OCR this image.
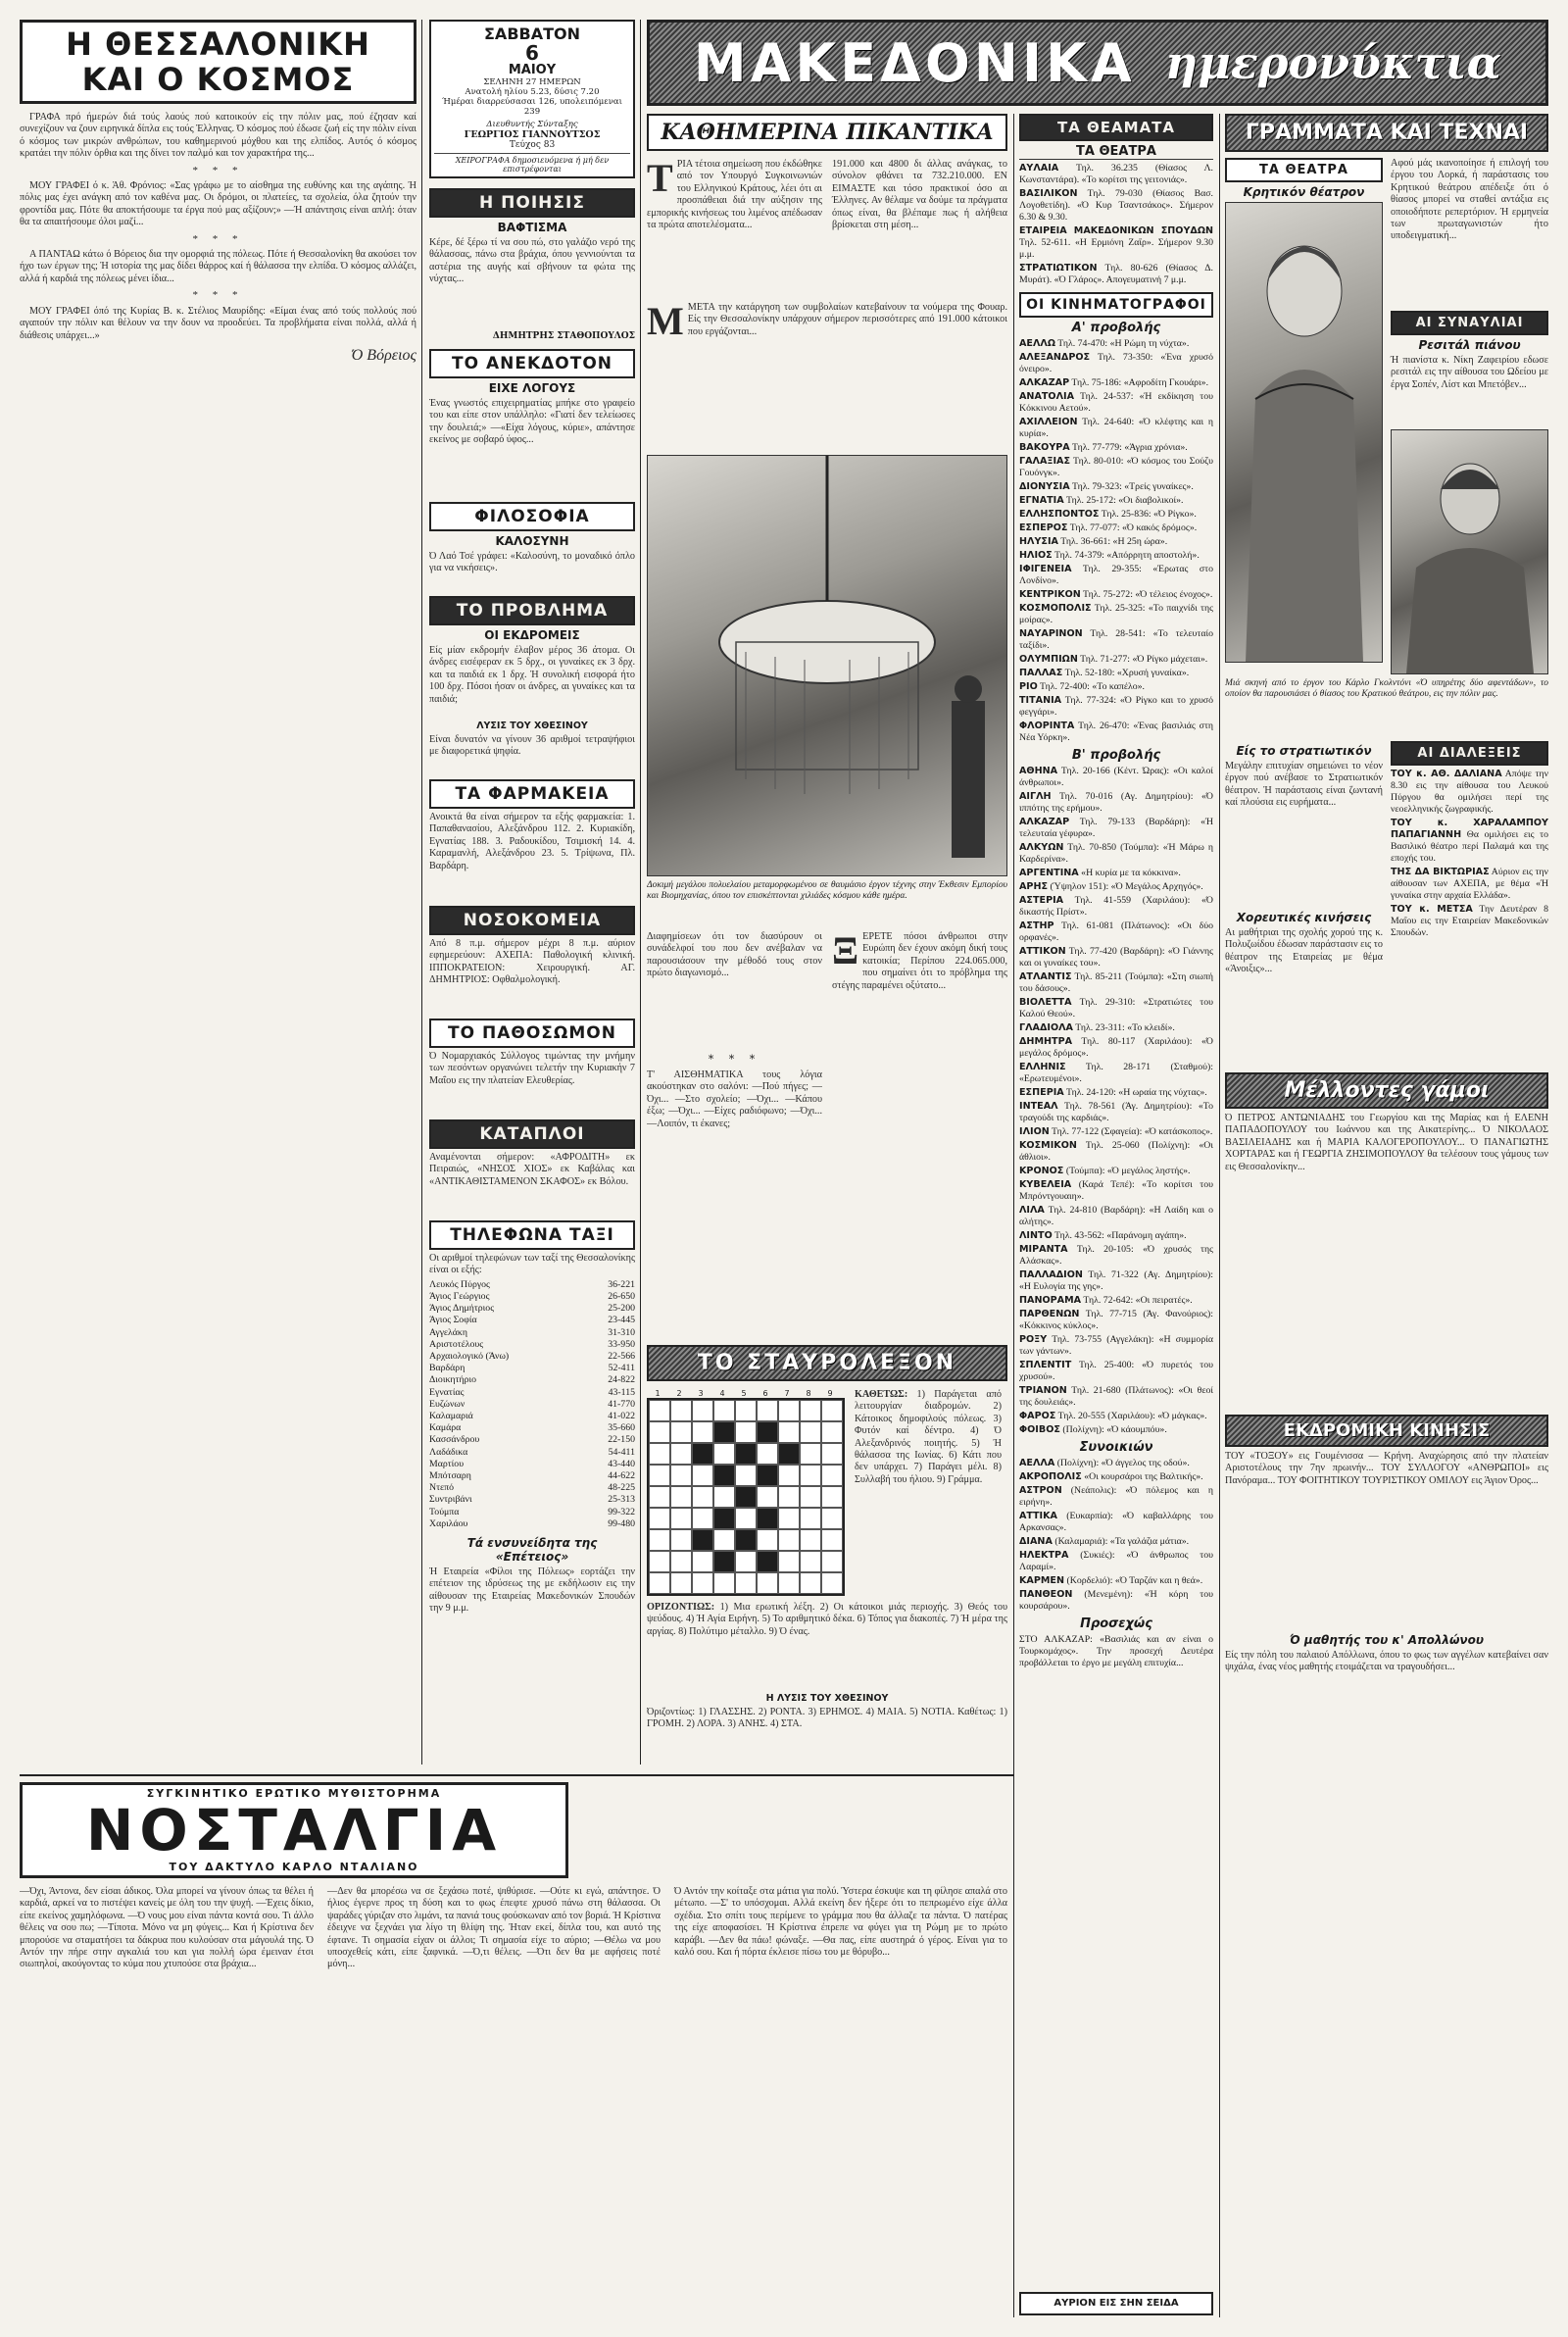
Η ΘΕΣΣΑΛΟΝΙΚΗ
ΚΑΙ Ο ΚΟΣΜΟΣ

ΓΡΑΦΑ πρό ήμερών διά τούς λαούς πού κατοικούν είς την πόλιν μας, πού έζησαν καί συνεχίζουν να ζουν ειρηνικά δίπλα εις τούς Έλληνας. Ό κόσμος πού έδωσε ζωή είς την πόλιν είναι ό κόσμος των μικρών ανθρώπων, του καθημερινού μόχθου και της ελπίδος. Αυτός ό κόσμος κρατάει την πόλιν όρθια και της δίνει τον παλμό και τον χαρακτήρα της...

* * *

ΜΟΥ ΓΡΑΦΕΙ ό κ. Άθ. Φρόνιος: «Σας γράφω με το αίσθημα της ευθύνης και της αγάπης. Ή πόλις μας έχει ανάγκη από τον καθένα μας. Οι δρόμοι, οι πλατείες, τα σχολεία, όλα ζητούν την φροντίδα μας. Πότε θα αποκτήσουμε τα έργα πού μας αξίζουν;» —Ή απάντησις είναι απλή: όταν θα τα απαιτήσουμε όλοι μαζί...

* * *

Α ΠΑΝΤΑΩ κάτω ό Βόρειος δια την ομορφιά της πόλεως. Πότε ή Θεσσαλονίκη θα ακούσει τον ήχο των έργων της; Ή ιστορία της μας δίδει θάρρος καί ή θάλασσα την ελπίδα. Ό κόσμος αλλάζει, αλλά ή καρδιά της πόλεως μένει ίδια...

* * *

ΜΟΥ ΓΡΑΦΕΙ όπό της Κυρίας Β. κ. Στέλιος Μαυρίδης: «Είμαι ένας από τούς πολλούς πού αγαπούν την πόλιν και θέλουν να την δουν να προοδεύει. Τα προβλήματα είναι πολλά, αλλά ή διάθεσις υπάρχει...»

Ό Βόρειος
ΣΑΒΒΑΤΟΝ
6
ΜΑΙΟΥ
ΣΕΛΗΝΗ 27 ΗΜΕΡΩΝ
Ανατολή ηλίου 5.23, δύσις 7.20
Ήμέραι διαρρεύσασαι 126, υπολειπόμεναι 239
Διευθυντής Σύνταξης
ΓΕΩΡΓΙΟΣ ΓΙΑΝΝΟΥΤΣΟΣ
Τεύχος 83
ΧΕΙΡΟΓΡΑΦΑ δημοσιευόμενα ή μή δεν επιστρέφονται
Η ΠΟΙΗΣΙΣ
ΒΑΦΤΙΣΜΑ
Κέρε, δέ ξέρω τί να σου πώ, στο γαλάζιο νερό της θάλασσας, πάνω στα βράχια, όπου γεννιούνται τα αστέρια της αυγής καί σβήνουν τα φώτα της νύχτας...
ΔΗΜΗΤΡΗΣ ΣΤΑΘΟΠΟΥΛΟΣ
ΤΟ ΑΝΕΚΔΟΤΟΝ
ΕΙΧΕ ΛΟΓΟΥΣ
Ένας γνωστός επιχειρηματίας μπήκε στο γραφείο του και είπε στον υπάλληλο: «Γιατί δεν τελείωσες την δουλειά;» —«Είχα λόγους, κύριε», απάντησε εκείνος με σοβαρό ύφος...
ΦΙΛΟΣΟΦΙΑ
ΚΑΛΟΣΥΝΗ
Ό Λαό Τσέ γράφει: «Καλοσύνη, το μοναδικό όπλο για να νικήσεις».
ΤΟ ΠΡΟΒΛΗΜΑ
ΟΙ ΕΚΔΡΟΜΕΙΣ
Είς μίαν εκδρομήν έλαβον μέρος 36 άτομα. Οι άνδρες εισέφεραν εκ 5 δρχ., οι γυναίκες εκ 3 δρχ. και τα παιδιά εκ 1 δρχ. Ή συνολική εισφορά ήτο 100 δρχ. Πόσοι ήσαν οι άνδρες, αι γυναίκες και τα παιδιά;
ΛΥΣΙΣ ΤΟΥ ΧΘΕΣΙΝΟΥ
Είναι δυνατόν να γίνουν 36 αριθμοί τετραψήφιοι με διαφορετικά ψηφία.
ΤΑ ΦΑΡΜΑΚΕΙΑ
Ανοικτά θα είναι σήμερον τα εξής φαρμακεία: 1. Παπαθανασίου, Αλεξάνδρου 112. 2. Κυριακίδη, Εγνατίας 188. 3. Ραδουκίδου, Τσιμισκή 14. 4. Καραμανλή, Αλεξάνδρου 23. 5. Τρίψωνα, Πλ. Βαρδάρη.
ΝΟΣΟΚΟΜΕΙΑ
Από 8 π.μ. σήμερον μέχρι 8 π.μ. αύριον εφημερεύουν: ΑΧΕΠΑ: Παθολογική κλινική. ΙΠΠΟΚΡΑΤΕΙΟΝ: Χειρουργική. ΑΓ. ΔΗΜΗΤΡΙΟΣ: Οφθαλμολογική.
ΤΟ ΠΑΘΟΣΩΜΟΝ
Ό Νομαρχιακός Σύλλογος τιμώντας την μνήμην των πεσόντων οργανώνει τελετήν την Κυριακήν 7 Μαΐου εις την πλατείαν Ελευθερίας.
ΚΑΤΑΠΛΟΙ
Αναμένονται σήμερον: «ΑΦΡΟΔΙΤΗ» εκ Πειραιώς, «ΝΗΣΟΣ ΧΙΟΣ» εκ Καβάλας και «ΑΝΤΙΚΑΘΙΣΤΑΜΕΝΟΝ ΣΚΑΦΟΣ» εκ Βόλου.
ΤΗΛΕΦΩΝΑ ΤΑΞΙ
Οι αριθμοί τηλεφώνων των ταξί της Θεσσαλονίκης είναι οι εξής:
Λευκός Πύργος	36-221
Άγιος Γεώργιος	26-650
Άγιος Δημήτριος	25-200
Άγιος Σοφία	23-445
Αγγελάκη	31-310
Αριστοτέλους	33-950
Αρχαιολογικό (Άνω)	22-566
Βαρδάρη	52-411
Διοικητήριο	24-822
Εγνατίας	43-115
Ευζώνων	41-770
Καλαμαριά	41-022
Καμάρα	35-660
Κασσάνδρου	22-150
Λαδάδικα	54-411
Μαρτίου	43-440
Μπότσαρη	44-622
Ντεπό	48-225
Συντριβάνι	25-313
Τούμπα	99-322
Χαριλάου	99-480
Τά ενσυνείδητα της «Επέτειος»
Ή Εταιρεία «Φίλοι της Πόλεως» εορτάζει την επέτειον της ιδρύσεως της με εκδήλωσιν εις την αίθουσαν της Εταιρείας Μακεδονικών Σπουδών την 9 μ.μ.
ΜΑΚΕΔΟΝΙΚΑ ημερονύκτια
ΚΑΘΗΜΕΡΙΝΑ ΠΙΚΑΝΤΙΚΑ
ΤΡΙΑ τέτοια σημείωση που έκδώθηκε από τον Υπουργό Συγκοινωνιών του Ελληνικού Κράτους, λέει ότι αι προσπάθειαι διά την αύξησιν της εμπορικής κινήσεως του λιμένος απέδωσαν τα πρώτα αποτελέσματα...
191.000 και 4800 δι άλλας ανάγκας, το σύνολον φθάνει τα 732.210.000. ΕΝ ΕΙΜΑΣΤΕ και τόσο πρακτικοί όσο αι Έλληνες. Αν θέλαμε να δούμε τα πράγματα όπως είναι, θα βλέπαμε πως ή αλήθεια βρίσκεται στη μέση...
ΜΜΕΤΑ την κατάργηση των συμβολαίων κατεβαίνουν τα νούμερα της Φουαρ. Είς την Θεσσαλονίκην υπάρχουν σήμερον περισσότερες από 191.000 κάτοικοι που εργάζονται...
Δοκιμή μεγάλου πολυελαίου μεταμορφωμένου σε θαυμάσιο έργον τέχνης στην Έκθεσιν Εμπορίου και Βιομηχανίας, όπου τον επισκέπτονται χιλιάδες κόσμου κάθε ημέρα.
Διαφημίσεων ότι τον διασύρουν οι συνάδελφοί του που δεν ανέβαλαν να παρουσιάσουν την μέθοδό τους στον πρώτο διαγωνισμό...
* * *
Τ' ΑΙΣΘΗΜΑΤΙΚΑ τους λόγια ακούστηκαν στο σαλόνι: —Πού πήγες; —Όχι... —Στο σχολείο; —Όχι... —Κάπου έξω; —Όχι... —Είχες ραδιόφωνο; —Όχι... —Λοιπόν, τι έκανες;
ΞΕΡΕΤΕ πόσοι άνθρωποι στην Ευρώπη δεν έχουν ακόμη δική τους κατοικία; Περίπου 224.065.000, που σημαίνει ότι το πρόβλημα της στέγης παραμένει οξύτατο...
ΤΟ ΣΤΑΥΡΟΛΕΞΟΝ
1	2	3	4	5	6	7	8	9	ΚΑΘΕΤΩΣ: 1) Παράγεται από λειτουργίαν διαδρομών. 2) Κάτοικος δημοφιλούς πόλεως. 3) Φυτόν καί δέντρο. 4) Ό Αλεξανδρινός ποιητής. 5) Ή θάλασσα της Ιωνίας. 6) Κάτι που δεν υπάρχει. 7) Παράγει μέλι. 8) Συλλαβή του ήλιου. 9) Γράμμα.
ΟΡΙΖΟΝΤΙΩΣ: 1) Μια ερωτική λέξη. 2) Οι κάτοικοι μιάς περιοχής. 3) Θεός του ψεύδους. 4) Ή Αγία Ειρήνη. 5) Το αριθμητικό δέκα. 6) Τόπος για διακοπές. 7) Ή μέρα της αργίας. 8) Πολύτιμο μέταλλο. 9) Ό ένας.
Η ΛΥΣΙΣ ΤΟΥ ΧΘΕΣΙΝΟΥ
Όριζοντίως: 1) ΓΛΑΣΣΗΣ. 2) ΡΟΝΤΑ. 3) ΕΡΗΜΟΣ. 4) ΜΑΙΑ. 5) ΝΟΤΙΑ. Καθέτως: 1) ΓΡΟΜΗ. 2) ΛΟΡΑ. 3) ΑΝΗΣ. 4) ΣΤΑ.
ΤΑ ΘΕΑΜΑΤΑ
ΤΑ ΘΕΑΤΡΑ
ΑΥΛΑΙΑ Τηλ. 36.235 (Θίασος Λ. Κωνσταντάρα). «Το κορίτσι της γειτονιάς».
ΒΑΣΙΛΙΚΟΝ Τηλ. 79-030 (Θίασος Βασ. Λογοθετίδη). «Ό Κυρ Τσαντσάκος». Σήμερον 6.30 & 9.30.
ΕΤΑΙΡΕΙΑ ΜΑΚΕΔΟΝΙΚΩΝ ΣΠΟΥΔΩΝ Τηλ. 52-611. «Η Ερμιόνη Ζαΐρ». Σήμερον 9.30 μ.μ.
ΣΤΡΑΤΙΩΤΙΚΟΝ Τηλ. 80-626 (Θίασος Δ. Μυράτ). «Ό Γλάρος». Απογευματινή 7 μ.μ.
ΟΙ ΚΙΝΗΜΑΤΟΓΡΑΦΟΙ
Α' προβολής
ΑΕΛΛΩ Τηλ. 74-470: «Η Ρώμη τη νύχτα».
ΑΛΕΞΑΝΔΡΟΣ Τηλ. 73-350: «Ένα χρυσό όνειρο».
ΑΛΚΑΖΑΡ Τηλ. 75-186: «Αφροδίτη Γκουάρι».
ΑΝΑΤΟΛΙΑ Τηλ. 24-537: «Ή εκδίκηση του Κόκκινου Αετού».
ΑΧΙΛΛΕΙΟΝ Τηλ. 24-640: «Ό κλέφτης και η κυρία».
ΒΑΚΟΥΡΑ Τηλ. 77-779: «Άγρια χρόνια».
ΓΑΛΑΞΙΑΣ Τηλ. 80-010: «Ό κόσμος του Σούζυ Γουόνγκ».
ΔΙΟΝΥΣΙΑ Τηλ. 79-323: «Τρείς γυναίκες».
ΕΓΝΑΤΙΑ Τηλ. 25-172: «Οι διαβολικοί».
ΕΛΛΗΣΠΟΝΤΟΣ Τηλ. 25-836: «Ό Ρίγκο».
ΕΣΠΕΡΟΣ Τηλ. 77-077: «Ό κακός δρόμος».
ΗΛΥΣΙΑ Τηλ. 36-661: «Η 25η ώρα».
ΗΛΙΟΣ Τηλ. 74-379: «Απόρρητη αποστολή».
ΙΦΙΓΕΝΕΙΑ Τηλ. 29-355: «Έρωτας στο Λονδίνο».
ΚΕΝΤΡΙΚΟΝ Τηλ. 75-272: «Ό τέλειος ένοχος».
ΚΟΣΜΟΠΟΛΙΣ Τηλ. 25-325: «Το παιχνίδι της μοίρας».
ΝΑΥΑΡΙΝΟΝ Τηλ. 28-541: «Το τελευταίο ταξίδι».
ΟΛΥΜΠΙΩΝ Τηλ. 71-277: «Ό Ρίγκο μάχεται».
ΠΑΛΛΑΣ Τηλ. 52-180: «Χρυσή γυναίκα».
ΡΙΟ Τηλ. 72-400: «Το καπέλο».
ΤΙΤΑΝΙΑ Τηλ. 77-324: «Ό Ρίγκο και το χρυσό φεγγάρι».
ΦΛΟΡΙΝΤΑ Τηλ. 26-470: «Ένας βασιλιάς στη Νέα Υόρκη».
Β' προβολής
ΑΘΗΝΑ Τηλ. 20-166 (Κέντ. Ώρας): «Οι καλοί άνθρωποι».
ΑΙΓΛΗ Τηλ. 70-016 (Αγ. Δημητρίου): «Ό ιππότης της ερήμου».
ΑΛΚΑΖΑΡ Τηλ. 79-133 (Βαρδάρη): «Ή τελευταία γέφυρα».
ΑΛΚΥΩΝ Τηλ. 70-850 (Τούμπα): «Ή Μάρω η Καρδερίνα».
ΑΡΓΕΝΤΙΝΑ «Η κυρία με τα κόκκινα».
ΑΡΗΣ (Ύψηλον 151): «Ό Μεγάλος Αρχηγός».
ΑΣΤΕΡΙΑ Τηλ. 41-559 (Χαριλάου): «Ό δικαστής Πρίστ».
ΑΣΤΗΡ Τηλ. 61-081 (Πλάτωνος): «Οι δύο ορφανές».
ΑΤΤΙΚΟΝ Τηλ. 77-420 (Βαρδάρη): «Ό Γιάννης και οι γυναίκες του».
ΑΤΛΑΝΤΙΣ Τηλ. 85-211 (Τούμπα): «Στη σιωπή του δάσους».
ΒΙΟΛΕΤΤΑ Τηλ. 29-310: «Στρατιώτες του Καλού Θεού».
ΓΛΑΔΙΟΛΑ Τηλ. 23-311: «Το κλειδί».
ΔΗΜΗΤΡΑ Τηλ. 80-117 (Χαριλάου): «Ό μεγάλος δρόμος».
ΕΛΛΗΝΙΣ Τηλ. 28-171 (Σταθμού): «Ερωτευμένοι».
ΕΣΠΕΡΙΑ Τηλ. 24-120: «Η ωραία της νύχτας».
ΙΝΤΕΑΛ Τηλ. 78-561 (Άγ. Δημητρίου): «Το τραγούδι της καρδιάς».
ΙΛΙΟΝ Τηλ. 77-122 (Σφαγεία): «Ό κατάσκοπος».
ΚΟΣΜΙΚΟΝ Τηλ. 25-060 (Πολίχνη): «Οι άθλιοι».
ΚΡΟΝΟΣ (Τούμπα): «Ό μεγάλος ληστής».
ΚΥΒΕΛΕΙΑ (Καρά Τεπέ): «Το κορίτσι του Μπρόντγουαιη».
ΛΙΛΑ Τηλ. 24-810 (Βαρδάρη): «Η Λαίδη και ο αλήτης».
ΛΙΝΤΟ Τηλ. 43-562: «Παράνομη αγάπη».
ΜΙΡΑΝΤΑ Τηλ. 20-105: «Ό χρυσός της Αλάσκας».
ΠΑΛΛΑΔΙΟΝ Τηλ. 71-322 (Αγ. Δημητρίου): «Η Ευλογία της γης».
ΠΑΝΟΡΑΜΑ Τηλ. 72-642: «Οι πειρατές».
ΠΑΡΘΕΝΩΝ Τηλ. 77-715 (Άγ. Φανούριος): «Κόκκινος κύκλος».
ΡΟΞΥ Τηλ. 73-755 (Αγγελάκη): «Η συμμορία των γάντων».
ΣΠΛΕΝΤΙΤ Τηλ. 25-400: «Ό πυρετός του χρυσού».
ΤΡΙΑΝΟΝ Τηλ. 21-680 (Πλάτωνος): «Οι θεοί της δουλειάς».
ΦΑΡΟΣ Τηλ. 20-555 (Χαριλάου): «Ό μάγκας».
ΦΟΙΒΟΣ (Πολίχνη): «Ό κάουμπόυ».
Συνοικιών
ΑΕΛΛΑ (Πολίχνη): «Ό άγγελος της οδού».
ΑΚΡΟΠΟΛΙΣ «Οι κουρσάροι της Βαλτικής».
ΑΣΤΡΟΝ (Νεάπολις): «Ό πόλεμος και η ειρήνη».
ΑΤΤΙΚΑ (Ευκαρπία): «Ό καβαλλάρης του Αρκανσας».
ΔΙΑΝΑ (Καλαμαριά): «Τα γαλάζια μάτια».
ΗΛΕΚΤΡΑ (Συκιές): «Ό άνθρωπος του Λαραμί».
ΚΑΡΜΕΝ (Κορδελιό): «Ό Ταρζάν και η θεά».
ΠΑΝΘΕΟΝ (Μενεμένη): «Ή κόρη του κουρσάρου».
Προσεχώς
ΣΤΟ ΑΛΚΑΖΑΡ: «Βασιλιάς και αν είναι ο Τουρκομάχος». Την προσεχή Δευτέρα προβάλλεται το έργο με μεγάλη επιτυχία...
ΑΥΡΙΟΝ ΕΙΣ ΣΗΝ ΣΕΙΔΑ
ΓΡΑΜΜΑΤΑ ΚΑΙ ΤΕΧΝΑΙ
ΤΑ ΘΕΑΤΡΑ
Κρητικόν θέατρον
Αφού μάς ικανοποίησε ή επιλογή του έργου του Λορκά, ή παράστασις του Κρητικού θεάτρου απέδειξε ότι ό θίασος μπορεί να σταθεί αντάξια εις οποιοδήποτε ρεπερτόριον. Ή ερμηνεία των πρωταγωνιστών ήτο υποδειγματική...
ΑΙ ΣΥΝΑΥΛΙΑΙ
Ρεσιτάλ πιάνου
Ή πιανίστα κ. Νίκη Ζαφειρίου εδωσε ρεσιτάλ εις την αίθουσα του Ωδείου με έργα Σοπέν, Λίστ και Μπετόβεν...
Μιά σκηνή από το έργον του Κάρλο Γκολντόνι «Ό υπηρέτης δύο αφεντάδων», το οποίον θα παρουσιάσει ό θίασος του Κρατικού θεάτρου, εις την πόλιν μας.
Είς το στρατιωτικόν
Μεγάλην επιτυχίαν σημειώνει το νέον έργον πού ανέβασε το Στρατιωτικόν θέατρον. Ή παράστασις είναι ζωντανή καί πλούσια εις ευρήματα...
Χορευτικές κινήσεις
Αι μαθήτριαι της σχολής χορού της κ. Πολυζωίδου έδωσαν παράστασιν εις το θέατρον της Εταιρείας με θέμα «Άνοιξις»...
ΑΙ ΔΙΑΛΕΞΕΙΣ
ΤΟΥ κ. ΑΘ. ΔΑΛΙΑΝΑ Απόψε την 8.30 εις την αίθουσα του Λευκού Πύργου θα ομιλήσει περί της νεοελληνικής ζωγραφικής.
ΤΟΥ κ. ΧΑΡΑΛΑΜΠΟΥ ΠΑΠΑΓΙΑΝΝΗ Θα ομιλήσει εις το Βασιλικό θέατρο περί Παλαμά και της εποχής του.
ΤΗΣ ΔΑ ΒΙΚΤΩΡΙΑΣ Αύριον εις την αίθουσαν των ΑΧΕΠΑ, με θέμα «Ή γυναίκα στην αρχαία Ελλάδα».
ΤΟΥ κ. ΜΕΤΣΑ Την Δευτέραν 8 Μαΐου εις την Εταιρείαν Μακεδονικών Σπουδών.
Μέλλοντες γάμοι
Ό ΠΕΤΡΟΣ ΑΝΤΩΝΙΑΔΗΣ του Γεωργίου και της Μαρίας και ή ΕΛΕΝΗ ΠΑΠΑΔΟΠΟΥΛΟΥ του Ιωάννου και της Αικατερίνης... Ό ΝΙΚΟΛΑΟΣ ΒΑΣΙΛΕΙΑΔΗΣ και ή ΜΑΡΙΑ ΚΑΛΟΓΕΡΟΠΟΥΛΟΥ... Ό ΠΑΝΑΓΙΩΤΗΣ ΧΟΡΤΑΡΑΣ και ή ΓΕΩΡΓΙΑ ΖΗΣΙΜΟΠΟΥΛΟΥ θα τελέσουν τους γάμους των εις Θεσσαλονίκην...
ΕΚΔΡΟΜΙΚΗ ΚΙΝΗΣΙΣ
ΤΟΥ «ΤΟΞΟΥ» εις Γουμένισσα — Κρήνη. Αναχώρησις από την πλατείαν Αριστοτέλους την 7ην πρωινήν... ΤΟΥ ΣΥΛΛΟΓΟΥ «ΑΝΘΡΩΠΟΙ» εις Πανόραμα... ΤΟΥ ΦΟΙΤΗΤΙΚΟΥ ΤΟΥΡΙΣΤΙΚΟΥ ΟΜΙΛΟΥ εις Άγιον Όρος...
Ό μαθητής του κ' Απολλώνου
Είς την πόλη του παλαιού Απόλλωνα, όπου το φως των αγγέλων κατεβαίνει σαν ψιχάλα, ένας νέος μαθητής ετοιμάζεται να τραγουδήσει...
ΣΥΓΚΙΝΗΤΙΚΟ ΕΡΩΤΙΚΟ ΜΥΘΙΣΤΟΡΗΜΑ
ΝΟΣΤΑΛΓΙΑ
ΤΟΥ ΔΑΚΤΥΛΟ ΚΑΡΛΟ ΝΤΑΛΙΑΝΟ
—Όχι, Άντονα, δεν είσαι άδικος. Όλα μπορεί να γίνουν όπως τα θέλει ή καρδιά, αρκεί να το πιστέψει κανείς με όλη του την ψυχή. —Έχεις δίκιο, είπε εκείνος χαμηλόφωνα. —Ό νους μου είναι πάντα κοντά σου. Τι άλλο θέλεις να σου πω; —Τίποτα. Μόνο να μη φύγεις... Και ή Κρίστινα δεν μπορούσε να σταματήσει τα δάκρυα που κυλούσαν στα μάγουλά της. Ό Αντόν την πήρε στην αγκαλιά του και για πολλή ώρα έμειναν έτσι σιωπηλοί, ακούγοντας το κύμα που χτυπούσε στα βράχια...
—Δεν θα μπορέσω να σε ξεχάσω ποτέ, ψιθύρισε. —Ούτε κι εγώ, απάντησε. Ό ήλιος έγερνε προς τη δύση και το φως έπεφτε χρυσό πάνω στη θάλασσα. Οι ψαράδες γύριζαν στο λιμάνι, τα πανιά τους φούσκωναν από τον βοριά. Ή Κρίστινα έδειχνε να ξεχνάει για λίγο τη θλίψη της. Ήταν εκεί, δίπλα του, και αυτό της έφτανε. Τι σημασία είχαν οι άλλοι; Τι σημασία είχε το αύριο; —Θέλω να μου υποσχεθείς κάτι, είπε ξαφνικά. —Ό,τι θέλεις. —Ότι δεν θα με αφήσεις ποτέ μόνη...
Ό Αντόν την κοίταξε στα μάτια για πολύ. Ύστερα έσκυψε και τη φίλησε απαλά στο μέτωπο. —Σ' το υπόσχομαι. Αλλά εκείνη δεν ήξερε ότι το πεπρωμένο είχε άλλα σχέδια. Στο σπίτι τους περίμενε το γράμμα που θα άλλαζε τα πάντα. Ό πατέρας της είχε αποφασίσει. Ή Κρίστινα έπρεπε να φύγει για τη Ρώμη με το πρώτο καράβι. —Δεν θα πάω! φώναξε. —Θα πας, είπε αυστηρά ό γέρος. Είναι για το καλό σου. Και ή πόρτα έκλεισε πίσω του με θόρυβο...
